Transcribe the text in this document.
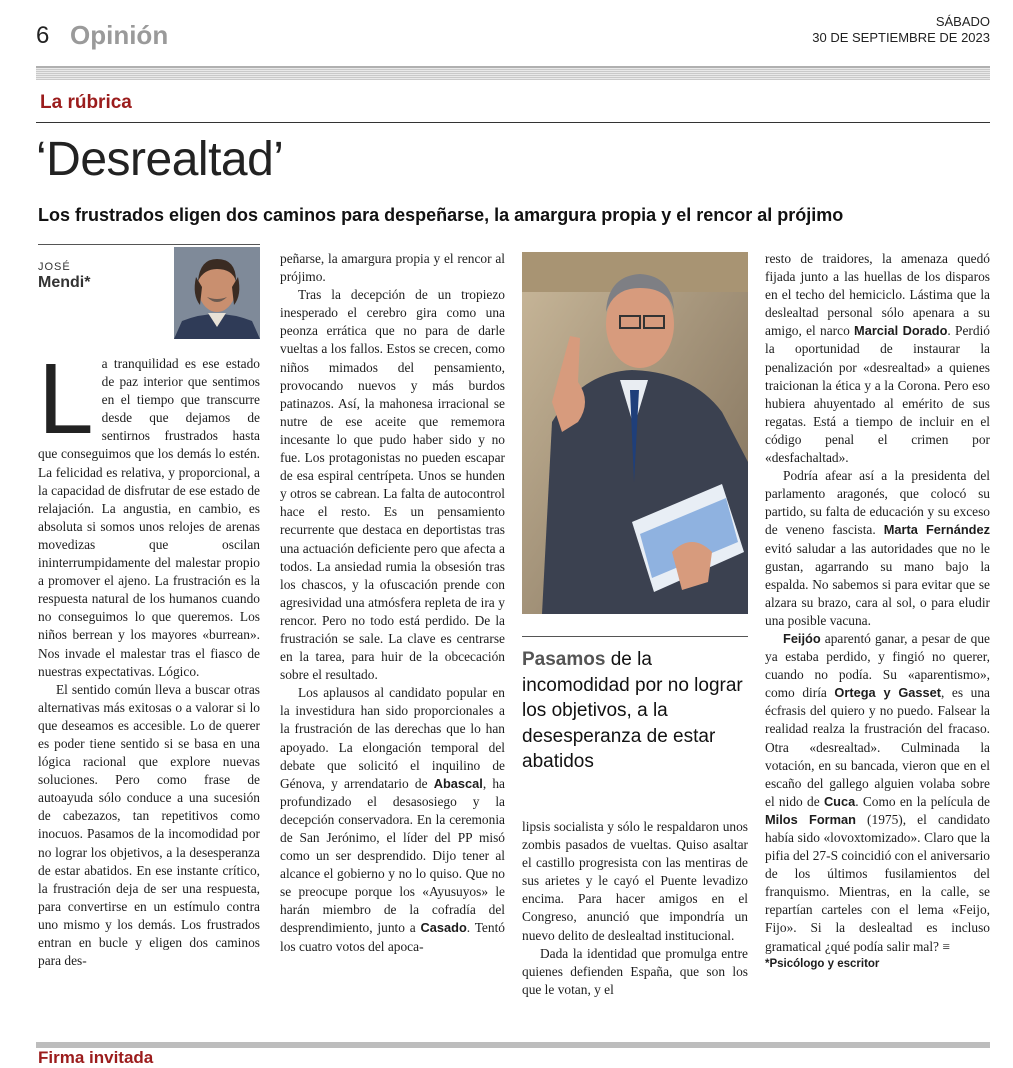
6 Opinión	SÁBADO
30 DE SEPTIEMBRE DE 2023
La rúbrica
‘Desrealtad’
Los frustrados eligen dos caminos para despeñarse, la amargura propia y el rencor al prójimo
JOSÉ
Mendi*
L a tranquilidad es ese estado de paz interior que sentimos en el tiempo que transcurre desde que dejamos de sentirnos frustrados hasta que conseguimos que los demás lo estén. La felicidad es relativa, y proporcional, a la capacidad de disfrutar de ese estado de relajación. La angustia, en cambio, es absoluta si somos unos relojes de arenas movedizas que oscilan ininterrumpidamente del malestar propio a promover el ajeno. La frustración es la respuesta natural de los humanos cuando no conseguimos lo que queremos. Los niños berrean y los mayores «burrean». Nos invade el malestar tras el fiasco de nuestras expectativas. Lógico.

El sentido común lleva a buscar otras alternativas más exitosas o a valorar si lo que deseamos es accesible. Lo de querer es poder tiene sentido si se basa en una lógica racional que explore nuevas soluciones. Pero como frase de autoayuda sólo conduce a una sucesión de cabezazos, tan repetitivos como inocuos. Pasamos de la incomodidad por no lograr los objetivos, a la desesperanza de estar abatidos. En ese instante crítico, la frustración deja de ser una respuesta, para convertirse en un estímulo contra uno mismo y los demás. Los frustrados entran en bucle y eligen dos caminos para des-

peñarse, la amargura propia y el rencor al prójimo.

Tras la decepción de un tropiezo inesperado el cerebro gira como una peonza errática que no para de darle vueltas a los fallos. Estos se crecen, como niños mimados del pensamiento, provocando nuevos y más burdos patinazos. Así, la mahonesa irracional se nutre de ese aceite que rememora incesante lo que pudo haber sido y no fue. Los protagonistas no pueden escapar de esa espiral centrípeta. Unos se hunden y otros se cabrean. La falta de autocontrol hace el resto. Es un pensamiento recurrente que destaca en deportistas tras una actuación deficiente pero que afecta a todos. La ansiedad rumia la obsesión tras los chascos, y la ofuscación prende con agresividad una atmósfera repleta de ira y rencor. Pero no todo está perdido. De la frustración se sale. La clave es centrarse en la tarea, para huir de la obcecación sobre el resultado.

Los aplausos al candidato popular en la investidura han sido proporcionales a la frustración de las derechas que lo han apoyado. La elongación temporal del debate que solicitó el inquilino de Génova, y arrendatario de Abascal, ha profundizado el desasosiego y la decepción conservadora. En la ceremonia de San Jerónimo, el líder del PP misó como un ser desprendido. Dijo tener al alcance el gobierno y no lo quiso. Que no se preocupe porque los «Ayusuyos» le harán miembro de la cofradía del desprendimiento, junto a Casado. Tentó los cuatro votos del apoca-

Pasamos de la incomodidad por no lograr los objetivos, a la desesperanza de estar abatidos

lipsis socialista y sólo le respaldaron unos zombis pasados de vueltas. Quiso asaltar el castillo progresista con las mentiras de sus arietes y le cayó el Puente levadizo encima. Para hacer amigos en el Congreso, anunció que impondría un nuevo delito de deslealtad institucional.

Dada la identidad que promulga entre quienes defienden España, que son los que le votan, y el

resto de traidores, la amenaza quedó fijada junto a las huellas de los disparos en el techo del hemiciclo. Lástima que la deslealtad personal sólo apenara a su amigo, el narco Marcial Dorado. Perdió la oportunidad de instaurar la penalización por «desrealtad» a quienes traicionan la ética y a la Corona. Pero eso hubiera ahuyentado al emérito de sus regatas. Está a tiempo de incluir en el código penal el crimen por «desfachaltad».

Podría afear así a la presidenta del parlamento aragonés, que colocó su partido, su falta de educación y su exceso de veneno fascista. Marta Fernández evitó saludar a las autoridades que no le gustan, agarrando su mano bajo la espalda. No sabemos si para evitar que se alzara su brazo, cara al sol, o para eludir una posible vacuna.

Feijóo aparentó ganar, a pesar de que ya estaba perdido, y fingió no querer, cuando no podía. Su «aparentismo», como diría Ortega y Gasset, es una écfrasis del quiero y no puedo. Falsear la realidad realza la frustración del fracaso. Otra «desrealtad». Culminada la votación, en su bancada, vieron que en el escaño del gallego alguien volaba sobre el nido de Cuca. Como en la película de Milos Forman (1975), el candidato había sido «lovoxtomizado». Claro que la pifia del 27-S coincidió con el aniversario de los últimos fusilamientos del franquismo. Mientras, en la calle, se repartían carteles con el lema «Feijo, Fijo». Si la deslealtad es incluso gramatical ¿qué podía salir mal? ≡

*Psicólogo y escritor

Firma invitada
